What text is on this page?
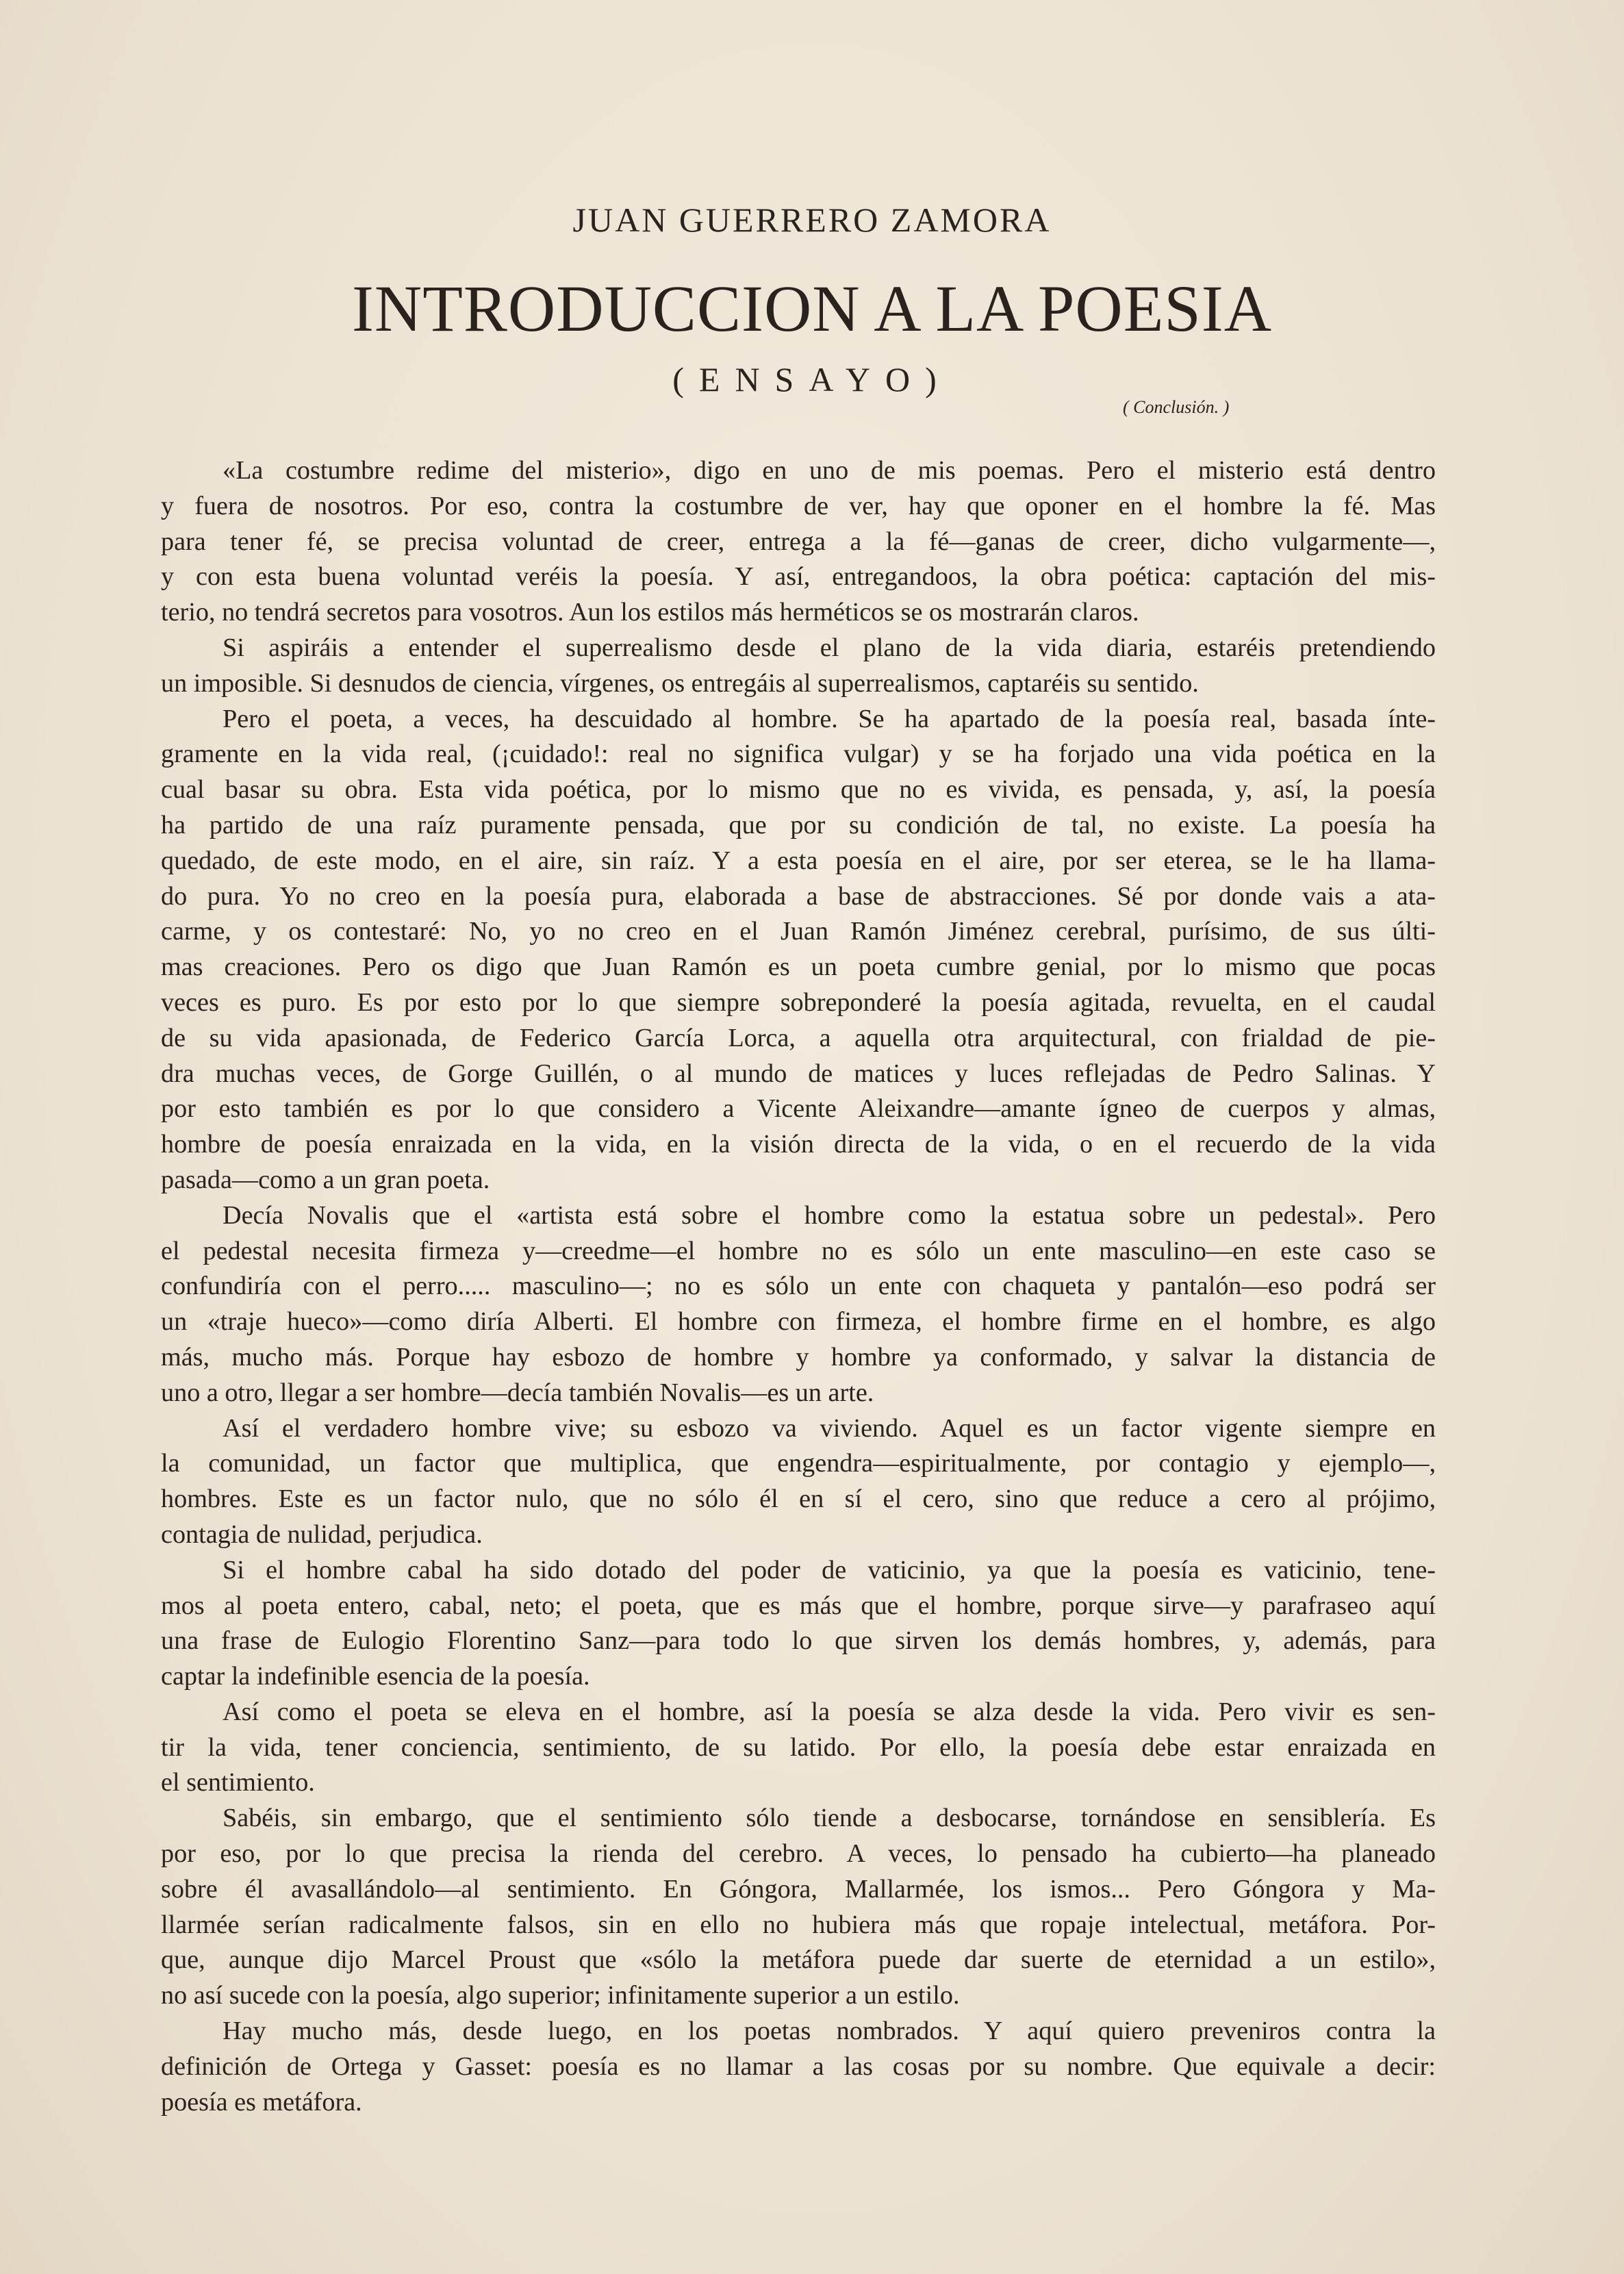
JUAN GUERRERO ZAMORA
INTRODUCCION A LA POESIA
(ENSAYO)
( Conclusión. )
«La costumbre redime del misterio», digo en uno de mis poemas. Pero el misterio está dentro
y fuera de nosotros. Por eso, contra la costumbre de ver, hay que oponer en el hombre la fé. Mas
para tener fé, se precisa voluntad de creer, entrega a la fé—ganas de creer, dicho vulgarmente—,
y con esta buena voluntad veréis la poesía. Y así, entregandoos, la obra poética: captación del mis-
terio, no tendrá secretos para vosotros. Aun los estilos más herméticos se os mostrarán claros.
Si aspiráis a entender el superrealismo desde el plano de la vida diaria, estaréis pretendiendo
un imposible. Si desnudos de ciencia, vírgenes, os entregáis al superrealismos, captaréis su sentido.
Pero el poeta, a veces, ha descuidado al hombre. Se ha apartado de la poesía real, basada ínte-
gramente en la vida real, (¡cuidado!: real no significa vulgar) y se ha forjado una vida poética en la
cual basar su obra. Esta vida poética, por lo mismo que no es vivida, es pensada, y, así, la poesía
ha partido de una raíz puramente pensada, que por su condición de tal, no existe. La poesía ha
quedado, de este modo, en el aire, sin raíz. Y a esta poesía en el aire, por ser eterea, se le ha llama-
do pura. Yo no creo en la poesía pura, elaborada a base de abstracciones. Sé por donde vais a ata-
carme, y os contestaré: No, yo no creo en el Juan Ramón Jiménez cerebral, purísimo, de sus últi-
mas creaciones. Pero os digo que Juan Ramón es un poeta cumbre genial, por lo mismo que pocas
veces es puro. Es por esto por lo que siempre sobreponderé la poesía agitada, revuelta, en el caudal
de su vida apasionada, de Federico García Lorca, a aquella otra arquitectural, con frialdad de pie-
dra muchas veces, de Gorge Guillén, o al mundo de matices y luces reflejadas de Pedro Salinas. Y
por esto también es por lo que considero a Vicente Aleixandre—amante ígneo de cuerpos y almas,
hombre de poesía enraizada en la vida, en la visión directa de la vida, o en el recuerdo de la vida
pasada—como a un gran poeta.
Decía Novalis que el «artista está sobre el hombre como la estatua sobre un pedestal». Pero
el pedestal necesita firmeza y—creedme—el hombre no es sólo un ente masculino—en este caso se
confundiría con el perro..... masculino—; no es sólo un ente con chaqueta y pantalón—eso podrá ser
un «traje hueco»—como diría Alberti. El hombre con firmeza, el hombre firme en el hombre, es algo
más, mucho más. Porque hay esbozo de hombre y hombre ya conformado, y salvar la distancia de
uno a otro, llegar a ser hombre—decía también Novalis—es un arte.
Así el verdadero hombre vive; su esbozo va viviendo. Aquel es un factor vigente siempre en
la comunidad, un factor que multiplica, que engendra—espiritualmente, por contagio y ejemplo—,
hombres. Este es un factor nulo, que no sólo él en sí el cero, sino que reduce a cero al prójimo,
contagia de nulidad, perjudica.
Si el hombre cabal ha sido dotado del poder de vaticinio, ya que la poesía es vaticinio, tene-
mos al poeta entero, cabal, neto; el poeta, que es más que el hombre, porque sirve—y parafraseo aquí
una frase de Eulogio Florentino Sanz—para todo lo que sirven los demás hombres, y, además, para
captar la indefinible esencia de la poesía.
Así como el poeta se eleva en el hombre, así la poesía se alza desde la vida. Pero vivir es sen-
tir la vida, tener conciencia, sentimiento, de su latido. Por ello, la poesía debe estar enraizada en
el sentimiento.
Sabéis, sin embargo, que el sentimiento sólo tiende a desbocarse, tornándose en sensiblería. Es
por eso, por lo que precisa la rienda del cerebro. A veces, lo pensado ha cubierto—ha planeado
sobre él avasallándolo—al sentimiento. En Góngora, Mallarmée, los ismos... Pero Góngora y Ma-
llarmée serían radicalmente falsos, sin en ello no hubiera más que ropaje intelectual, metáfora. Por-
que, aunque dijo Marcel Proust que «sólo la metáfora puede dar suerte de eternidad a un estilo»,
no así sucede con la poesía, algo superior; infinitamente superior a un estilo.
Hay mucho más, desde luego, en los poetas nombrados. Y aquí quiero preveniros contra la
definición de Ortega y Gasset: poesía es no llamar a las cosas por su nombre. Que equivale a decir:
poesía es metáfora.
